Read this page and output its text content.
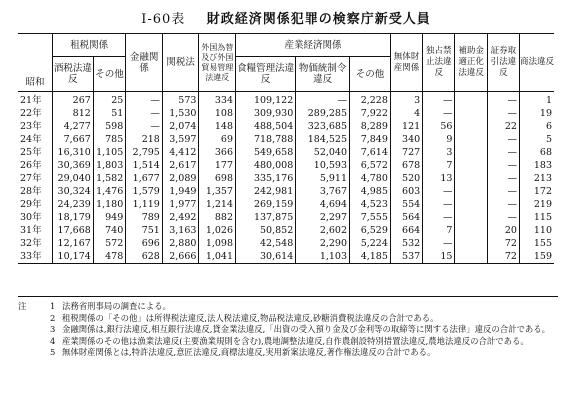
Ⅰ-60表 財政経済関係犯罪の検察庁新受人員
昭和	租税関係		金融関係	関税法	外国為替及び外国貿易管理法違反	産業経済関係			無体財産関係	独占禁止法違反	補助金適正化法違反	証券取引法違反	商法違反
	酒税法違反	その他				食糧管理法違反	物価統制令違反	その他					
21年	267	25	—	573	334	109,122	—	2,228	3	—		—	1
22年	812	51	—	1,530	108	309,930	289,285	7,922	4	—		—	19
23年	4,277	598	—	2,074	148	488,504	323,685	8,289	121	56		22	6
24年	7,667	785	218	3,597	69	718,788	184,525	7,849	340	9		—	5
25年	16,310	1,105	2,795	4,412	366	549,658	52,040	7,614	727	3		—	68
26年	30,369	1,803	1,514	2,617	177	480,008	10,593	6,572	678	7		—	183
27年	29,040	1,582	1,677	2,089	698	335,176	5,911	4,780	520	13		—	213
28年	30,324	1,476	1,579	1,949	1,357	242,981	3,767	4,985	603	—		—	172
29年	24,239	1,180	1,119	1,977	1,214	269,159	4,694	4,523	554	—		—	219
30年	18,179	949	789	2,492	882	137,875	2,297	7,555	564	—		—	115
31年	17,668	740	751	3,163	1,026	50,852	2,602	6,529	664	7		20	110
32年	12,167	572	696	2,880	1,098	42,548	2,290	5,224	532	—		72	155
33年	10,174	478	628	2,666	1,041	30,614	1,103	4,185	537	15		72	159
注	1 法務省刑事局の調査による。
2 租税関係の「その他」は所得税法違反,法人税法違反,物品税法違反,砂糖消費税法違反の合計である。
3 金融関係は,銀行法違反,相互銀行法違反,貸金業法違反,「出資の受入預り金及び金利等の取締等に関する法律」違反の合計である。
4 産業関係のその他は漁業法違反(主要漁業規則を含む),農地調整法違反,自作農創設特別措置法違反,農地法違反の合計である。
5 無体財産関係とは,特許法違反,意匠法違反,商標法違反,実用新案法違反,著作権法違反の合計である。
